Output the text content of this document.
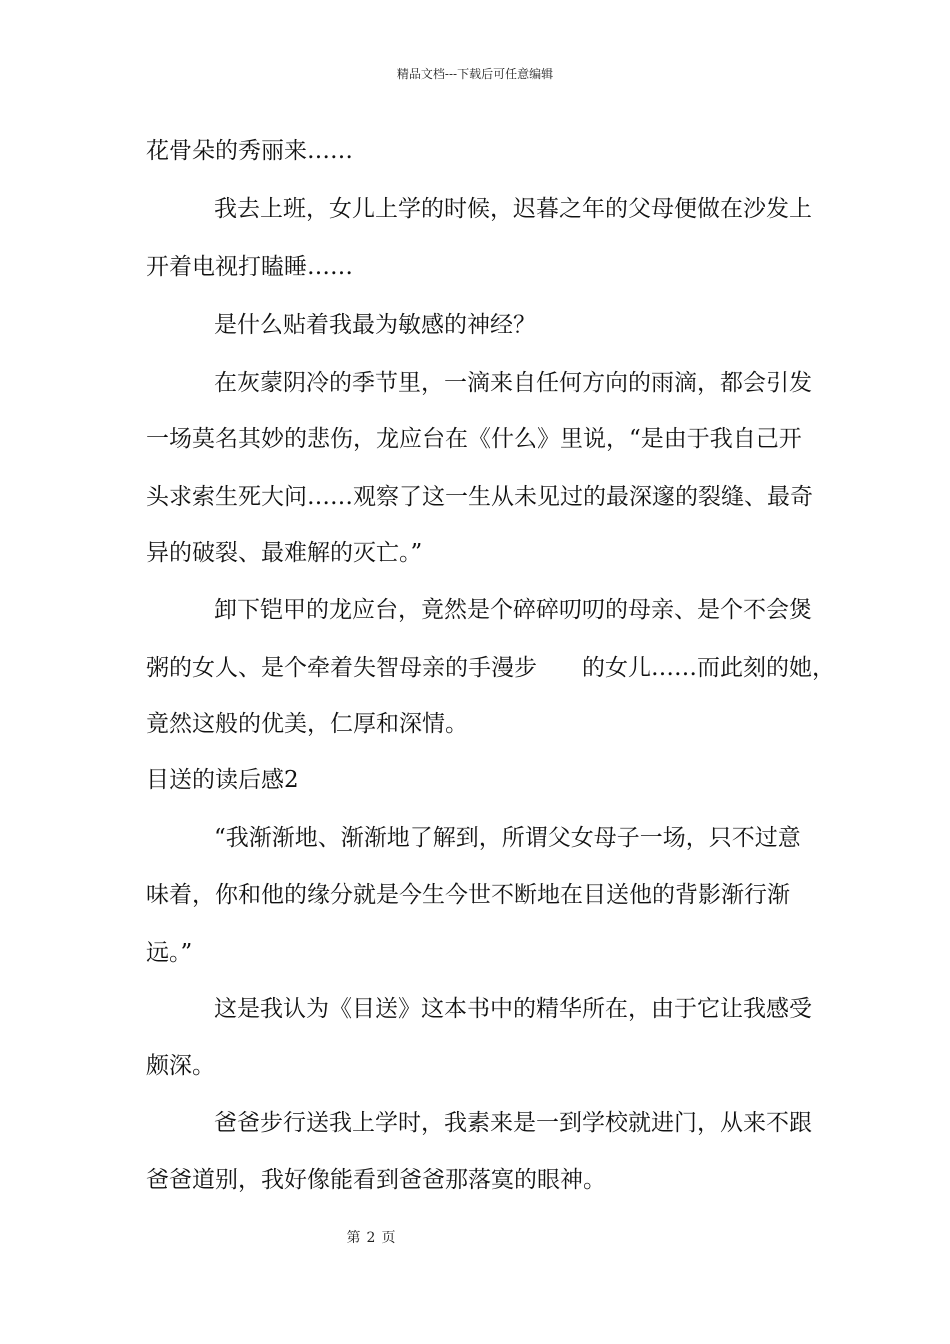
精品文档---下载后可任意编辑
花骨朵的秀丽来……
我去上班，女儿上学的时候，迟暮之年的父母便做在沙发上
开着电视打瞌睡……
是什么贴着我最为敏感的神经？
在灰蒙阴冷的季节里，一滴来自任何方向的雨滴，都会引发
一场莫名其妙的悲伤，龙应台在《什么》里说，“是由于我自己开
头求索生死大问……观察了这一生从未见过的最深邃的裂缝、最奇
异的破裂、最难解的灭亡。”
卸下铠甲的龙应台，竟然是个碎碎叨叨的母亲、是个不会煲
粥的女人、是个牵着失智母亲的手漫步 的女儿……而此刻的她，
竟然这般的优美，仁厚和深情。
目送的读后感2
“我渐渐地、渐渐地了解到，所谓父女母子一场，只不过意
味着，你和他的缘分就是今生今世不断地在目送他的背影渐行渐
远。”
这是我认为《目送》这本书中的精华所在，由于它让我感受
颇深。
爸爸步行送我上学时，我素来是一到学校就进门，从来不跟
爸爸道别，我好像能看到爸爸那落寞的眼神。
第 2 页
